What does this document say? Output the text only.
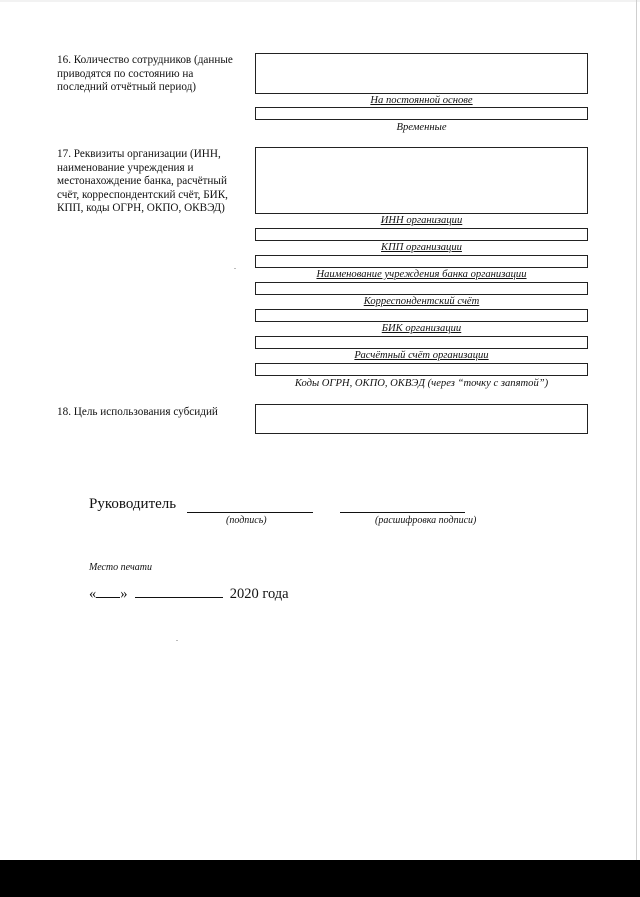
16. Количество сотрудников (данные приводятся по состоянию на последний отчётный период)
На постоянной основе
Временные
17. Реквизиты организации (ИНН, наименование учреждения и местонахождение банка, расчётный счёт, корреспондентский счёт, БИК, КПП, коды ОГРН, ОКПО, ОКВЭД)
ИНН организации
КПП организации
Наименование учреждения банка организации
Корреспондентский счёт
БИК организации
Расчётный счёт организации
Коды ОГРН, ОКПО, ОКВЭД (через “точку с запятой”)
18. Цель использования субсидий
Руководитель
(подпись)	(расшифровка подписи)
Место печати
« »	2020 года
